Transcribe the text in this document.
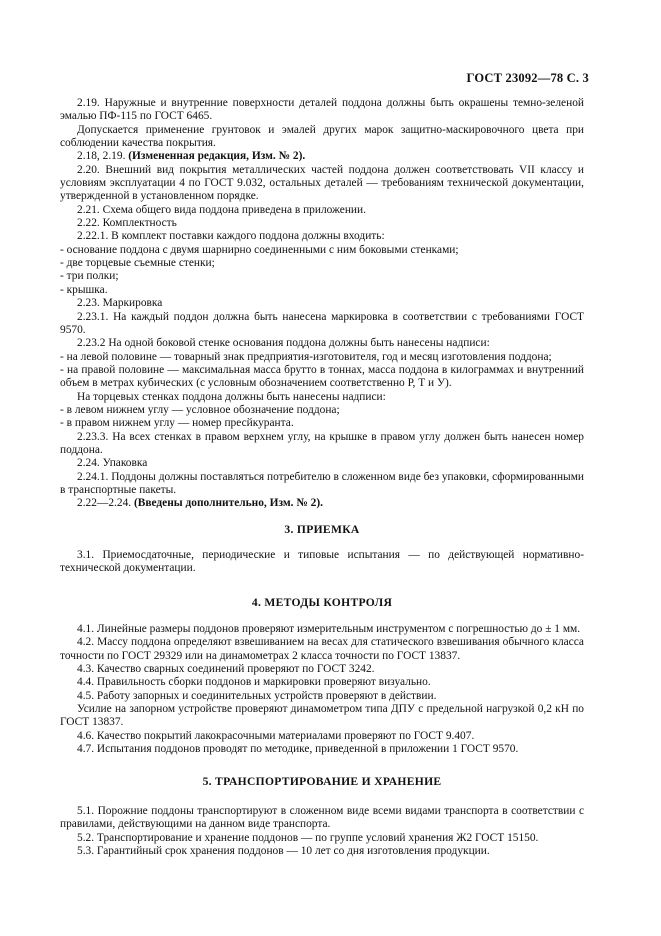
ГОСТ 23092—78 С. 3

2.19. Наружные и внутренние поверхности деталей поддона должны быть окрашены темно-зеленой эмалью ПФ-115 по ГОСТ 6465.

Допускается применение грунтовок и эмалей других марок защитно-маскировочного цвета при соблюдении качества покрытия.

2.18, 2.19. (Измененная редакция, Изм. № 2).

2.20. Внешний вид покрытия металлических частей поддона должен соответствовать VII классу и условиям эксплуатации 4 по ГОСТ 9.032, остальных деталей — требованиям технической документации, утвержденной в установленном порядке.

2.21. Схема общего вида поддона приведена в приложении.

2.22. Комплектность

2.22.1. В комплект поставки каждого поддона должны входить:

- основание поддона с двумя шарнирно соединенными с ним боковыми стенками;

- две торцевые съемные стенки;

- три полки;

- крышка.

2.23. Маркировка

2.23.1. На каждый поддон должна быть нанесена маркировка в соответствии с требованиями ГОСТ 9570.

2.23.2 На одной боковой стенке основания поддона должны быть нанесены надписи:

- на левой половине — товарный знак предприятия-изготовителя, год и месяц изготовления поддона;

- на правой половине — максимальная масса брутто в тоннах, масса поддона в килограммах и внутренний объем в метрах кубических (с условным обозначением соответственно Р, Т и У).

На торцевых стенках поддона должны быть нанесены надписи:

- в левом нижнем углу — условное обозначение поддона;

- в правом нижнем углу — номер пресйкуранта.

2.23.3. На всех стенках в правом верхнем углу, на крышке в правом углу должен быть нанесен номер поддона.

2.24. Упаковка

2.24.1. Поддоны должны поставляться потребителю в сложенном виде без упаковки, сформированными в транспортные пакеты.

2.22—2.24. (Введены дополнительно, Изм. № 2).

3. ПРИЕМКА

3.1. Приемосдаточные, периодические и типовые испытания — по действующей нормативно-технической документации.

4. МЕТОДЫ КОНТРОЛЯ

4.1. Линейные размеры поддонов проверяют измерительным инструментом с погрешностью до ± 1 мм.

4.2. Массу поддона определяют взвешиванием на весах для статического взвешивания обычного класса точности по ГОСТ 29329 или на динамометрах 2 класса точности по ГОСТ 13837.

4.3. Качество сварных соединений проверяют по ГОСТ 3242.

4.4. Правильность сборки поддонов и маркировки проверяют визуально.

4.5. Работу запорных и соединительных устройств проверяют в действии.

Усилие на запорном устройстве проверяют динамометром типа ДПУ с предельной нагрузкой 0,2 кН по ГОСТ 13837.

4.6. Качество покрытий лакокрасочными материалами проверяют по ГОСТ 9.407.

4.7. Испытания поддонов проводят по методике, приведенной в приложении 1 ГОСТ 9570.

5. ТРАНСПОРТИРОВАНИЕ И ХРАНЕНИЕ

5.1. Порожние поддоны транспортируют в сложенном виде всеми видами транспорта в соответствии с правилами, действующими на данном виде транспорта.

5.2. Транспортирование и хранение поддонов — по группе условий хранения Ж2 ГОСТ 15150.

5.3. Гарантийный срок хранения поддонов — 10 лет со дня изготовления продукции.
